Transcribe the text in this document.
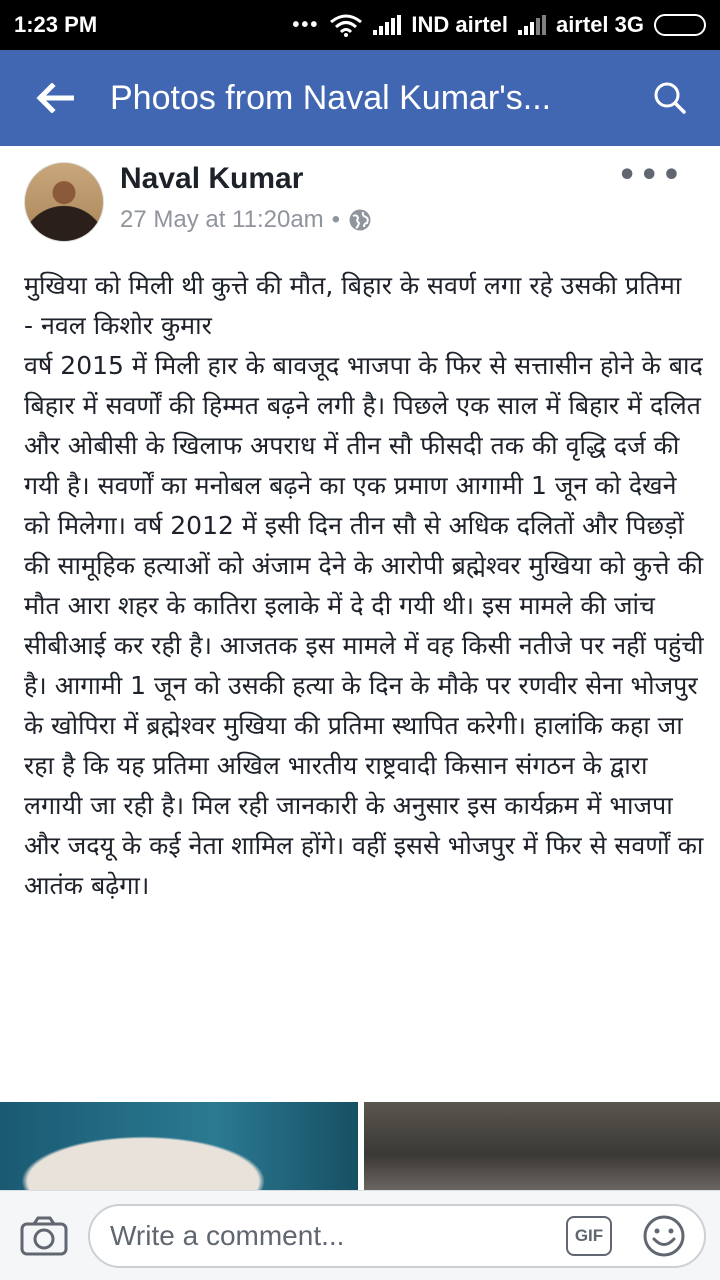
1:23 PM	•••	IND airtel airtel 3G
Photos from Naval Kumar's...
Naval Kumar
27 May at 11:20am •
•••

मुखिया को मिली थी कुत्ते की मौत, बिहार के सवर्ण लगा रहे उसकी प्रतिमा
- नवल किशोर कुमार
वर्ष 2015 में मिली हार के बावजूद भाजपा के फिर से सत्तासीन होने के बाद बिहार में सवर्णों की हिम्मत बढ़ने लगी है। पिछले एक साल में बिहार में दलित और ओबीसी के खिलाफ अपराध में तीन सौ फीसदी तक की वृद्धि दर्ज की गयी है। सवर्णों का मनोबल बढ़ने का एक प्रमाण आगामी 1 जून को देखने को मिलेगा। वर्ष 2012 में इसी दिन तीन सौ से अधिक दलितों और पिछड़ों की सामूहिक हत्याओं को अंजाम देने के आरोपी ब्रह्मेश्वर मुखिया को कुत्ते की मौत आरा शहर के कातिरा इलाके में दे दी गयी थी। इस मामले की जांच सीबीआई कर रही है। आजतक इस मामले में वह किसी नतीजे पर नहीं पहुंची है। आगामी 1 जून को उसकी हत्या के दिन के मौके पर रणवीर सेना भोजपुर के खोपिरा में ब्रह्मेश्वर मुखिया की प्रतिमा स्थापित करेगी। हालांकि कहा जा रहा है कि यह प्रतिमा अखिल भारतीय राष्ट्रवादी किसान संगठन के द्वारा लगायी जा रही है। मिल रही जानकारी के अनुसार इस कार्यक्रम में भाजपा और जदयू के कई नेता शामिल होंगे। वहीं इससे भोजपुर में फिर से सवर्णों का आतंक बढ़ेगा।

Write a comment...	GIF
